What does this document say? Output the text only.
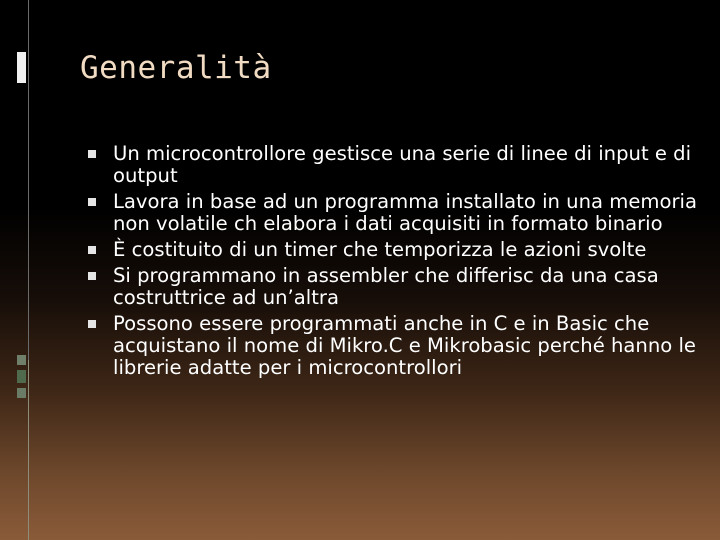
Generalità
Un microcontrollore gestisce una serie di linee di input e di output
Lavora in base ad un programma installato in una memoria non volatile ch elabora i dati acquisiti in formato binario
È costituito di un timer che temporizza le azioni svolte
Si programmano in assembler che differisc da una casa costruttrice ad un’altra
Possono essere programmati anche in C e in Basic che acquistano il nome di Mikro.C e Mikrobasic perché hanno le librerie adatte per i microcontrollori
